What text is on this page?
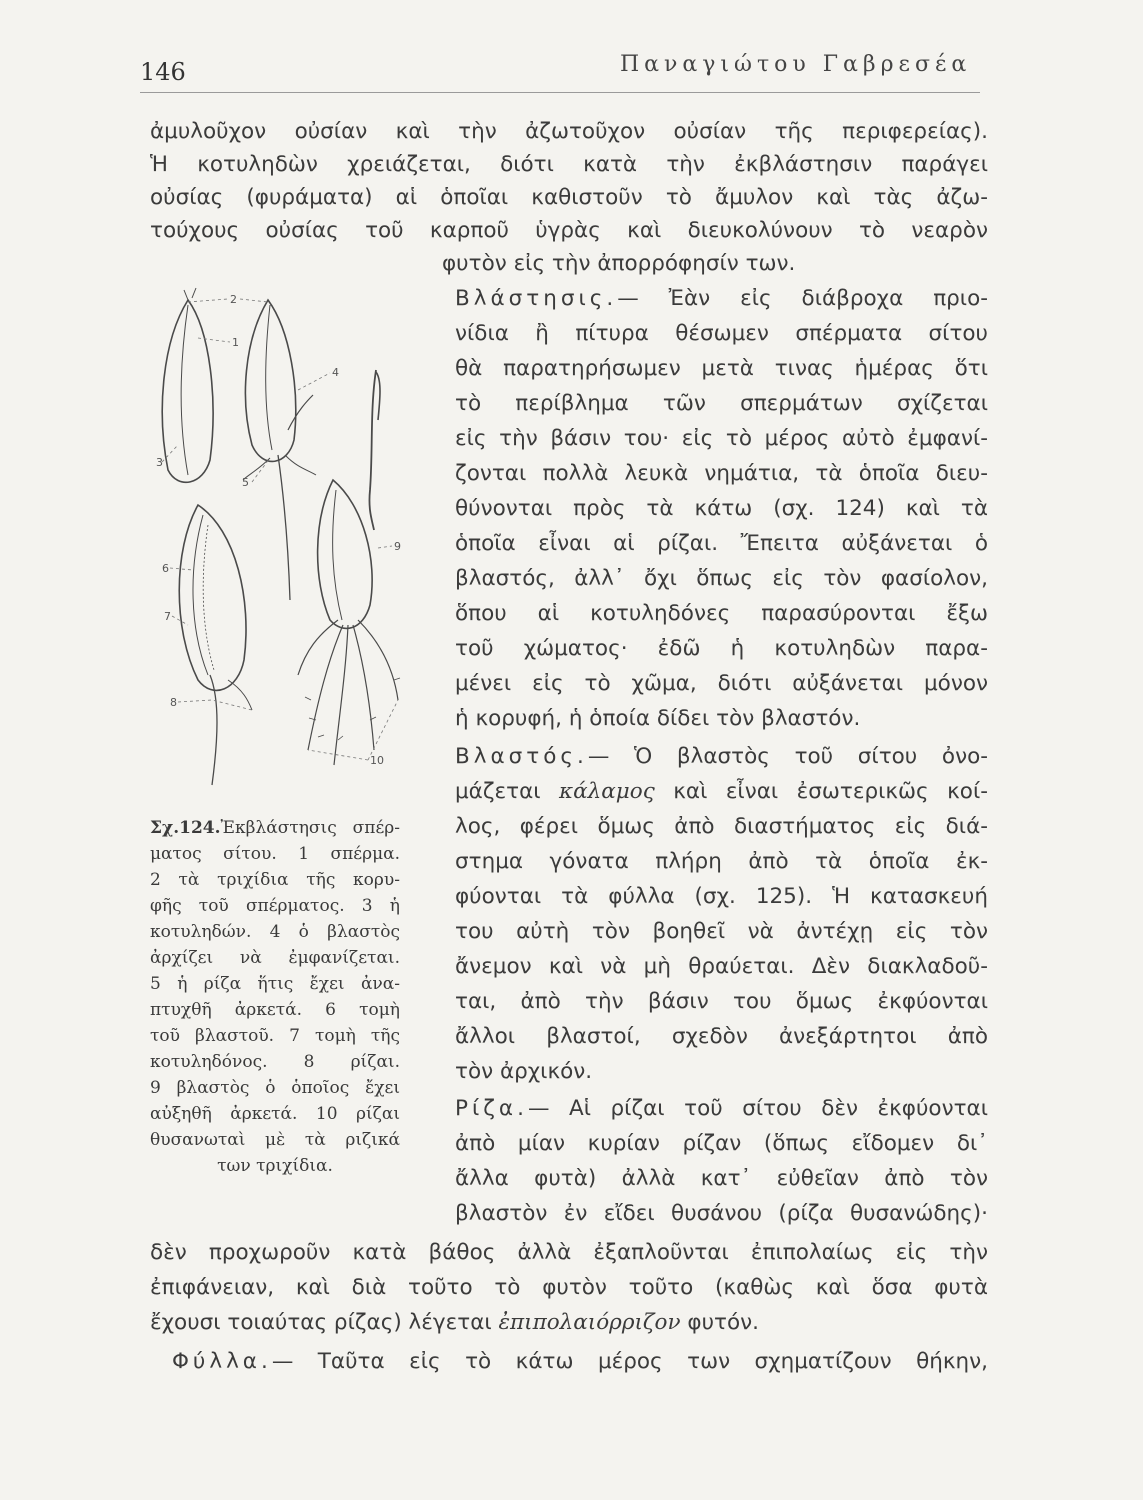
146	Παναγιώτου Γαβρεσέα
ἀμυλοῦχον οὐσίαν καὶ τὴν ἀζωτοῦχον οὐσίαν τῆς περιφερείας).
Ἡ κοτυληδὼν χρειάζεται, διότι κατὰ τὴν ἐκβλάστησιν παράγει
οὐσίας (φυράματα) αἱ ὁποῖαι καθιστοῦν τὸ ἄμυλον καὶ τὰς ἀζω-
τούχους οὐσίας τοῦ καρποῦ ὑγρὰς καὶ διευκολύνουν τὸ νεαρὸν
φυτὸν εἰς τὴν ἀπορρόφησίν των.
Βλάστησις.— Ἐὰν εἰς διάβροχα πριο-
νίδια ἢ πίτυρα θέσωμεν σπέρματα σίτου
θὰ παρατηρήσωμεν μετὰ τινας ἡμέρας ὅτι
τὸ περίβλημα τῶν σπερμάτων σχίζεται
εἰς τὴν βάσιν του· εἰς τὸ μέρος αὐτὸ ἐμφανί-
ζονται πολλὰ λευκὰ νημάτια, τὰ ὁποῖα διευ-
θύνονται πρὸς τὰ κάτω (σχ. 124) καὶ τὰ
ὁποῖα εἶναι αἱ ρίζαι. Ἔπειτα αὐξάνεται ὁ
βλαστός, ἀλλ᾽ ὄχι ὅπως εἰς τὸν φασίολον,
ὅπου αἱ κοτυληδόνες παρασύρονται ἔξω
τοῦ χώματος· ἐδῶ ἡ κοτυληδὼν παρα-
μένει εἰς τὸ χῶμα, διότι αὐξάνεται μόνον
ἡ κορυφή, ἡ ὁποία δίδει τὸν βλαστόν.
Βλαστός.— Ὁ βλαστὸς τοῦ σίτου ὀνο-
μάζεται κάλαμος καὶ εἶναι ἐσωτερικῶς κοί-
λος, φέρει ὅμως ἀπὸ διαστήματος εἰς διά-
στημα γόνατα πλήρη ἀπὸ τὰ ὁποῖα ἐκ-
φύονται τὰ φύλλα (σχ. 125). Ἡ κατασκευή
του αὐτὴ τὸν βοηθεῖ νὰ ἀντέχῃ εἰς τὸν
ἄνεμον καὶ νὰ μὴ θραύεται. Δὲν διακλαδοῦ-
ται, ἀπὸ τὴν βάσιν του ὅμως ἐκφύονται
ἄλλοι βλαστοί, σχεδὸν ἀνεξάρτητοι ἀπὸ
τὸν ἀρχικόν.
Ρίζα.— Αἱ ρίζαι τοῦ σίτου δὲν ἐκφύονται
ἀπὸ μίαν κυρίαν ρίζαν (ὅπως εἴδομεν δι᾽
ἄλλα φυτὰ) ἀλλὰ κατ᾽ εὐθεῖαν ἀπὸ τὸν
βλαστὸν ἐν εἴδει θυσάνου (ρίζα θυσανώδης)·
δὲν προχωροῦν κατὰ βάθος ἀλλὰ ἐξαπλοῦνται ἐπιπολαίως εἰς τὴν
ἐπιφάνειαν, καὶ διὰ τοῦτο τὸ φυτὸν τοῦτο (καθὼς καὶ ὅσα φυτὰ
ἔχουσι τοιαύτας ρίζας) λέγεται ἐπιπολαιόρριζον φυτόν.
Φύλλα.— Ταῦτα εἰς τὸ κάτω μέρος των σχηματίζουν θήκην,
2
1
4
3
5
6
9
7
8
10
Σχ.124.Ἐκβλάστησις σπέρ-
ματος σίτου. 1 σπέρμα.
2 τὰ τριχίδια τῆς κορυ-
φῆς τοῦ σπέρματος. 3 ἡ
κοτυληδών. 4 ὁ βλαστὸς
ἀρχίζει νὰ ἐμφανίζεται.
5 ἡ ρίζα ἥτις ἔχει ἀνα-
πτυχθῆ ἀρκετά. 6 τομὴ
τοῦ βλαστοῦ. 7 τομὴ τῆς
κοτυληδόνος. 8 ρίζαι.
9 βλαστὸς ὁ ὁποῖος ἔχει
αὐξηθῆ ἀρκετά. 10 ρίζαι
θυσανωταὶ μὲ τὰ ριζικά
των τριχίδια.
